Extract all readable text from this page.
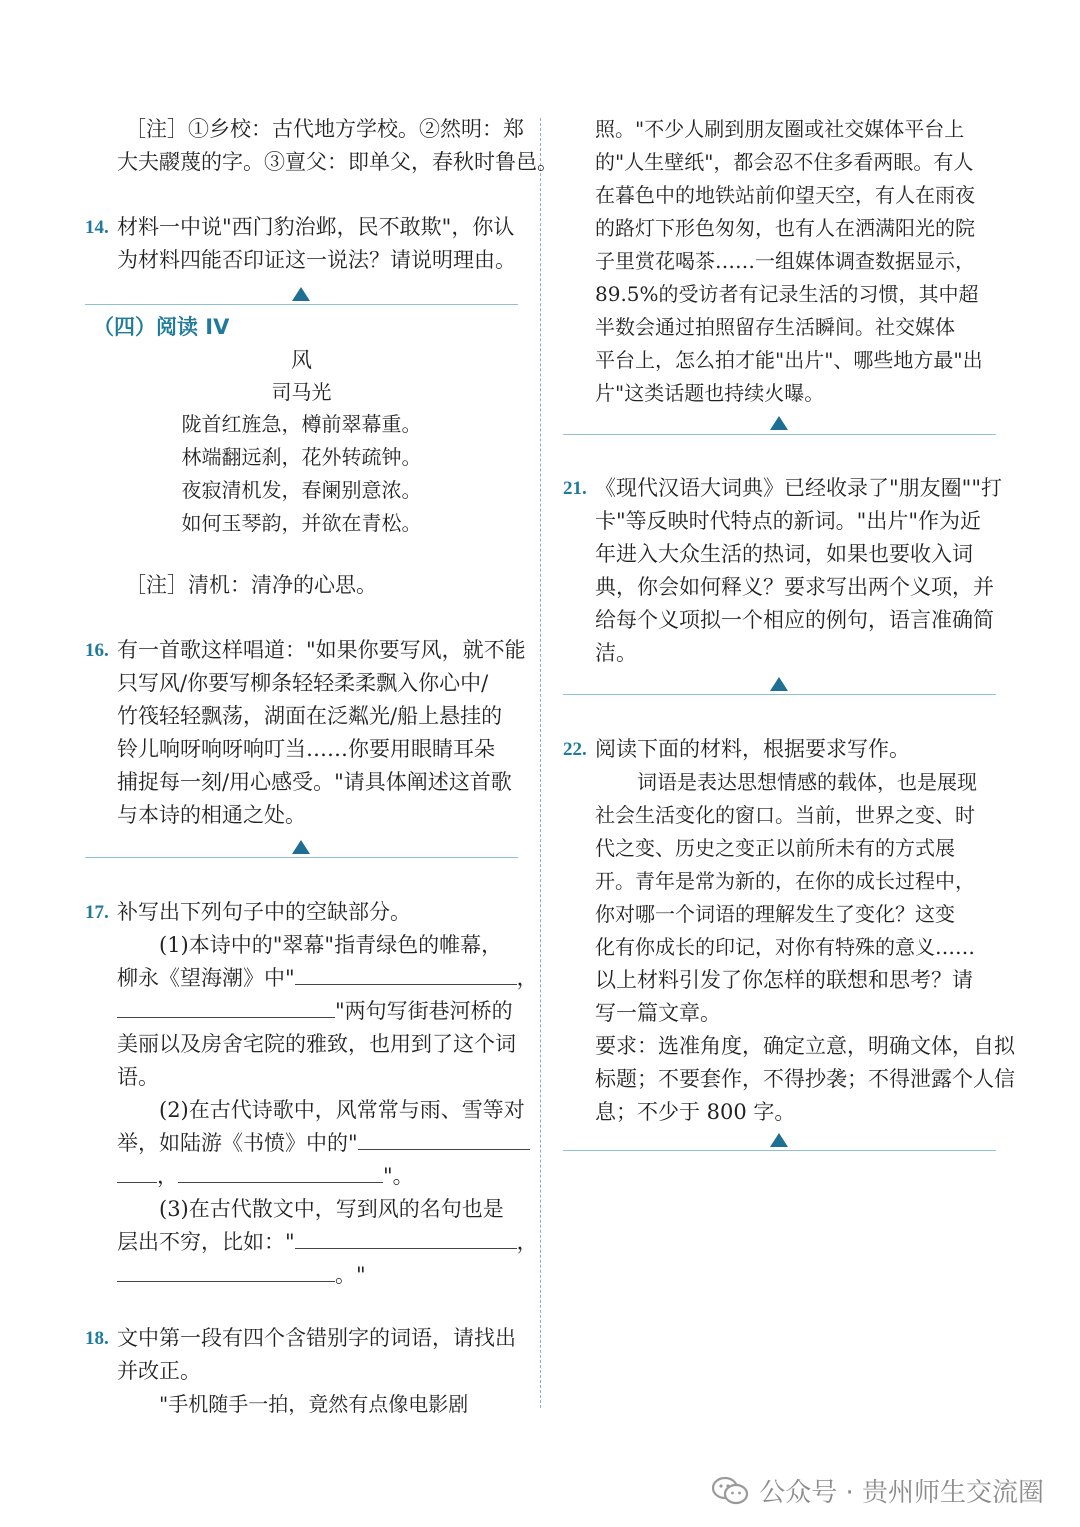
［注］①乡校：古代地方学校。②然明：郑

大夫鬷蔑的字。③亶父：即单父，春秋时鲁邑。

14. 材料一中说"西门豹治邺，民不敢欺"，你认

为材料四能否印证这一说法？请说明理由。

（四）阅读 IV
风
司马光
陇首红旌急，樽前翠幕重。
林端翻远刹，花外转疏钟。
夜寂清机发，春阑别意浓。
如何玉琴韵，并欲在青松。

［注］清机：清净的心思。

16. 有一首歌这样唱道："如果你要写风，就不能

只写风/你要写柳条轻轻柔柔飘入你心中/

竹筏轻轻飘荡，湖面在泛粼光/船上悬挂的

铃儿响呀响呀响叮当……你要用眼睛耳朵

捕捉每一刻/用心感受。"请具体阐述这首歌

与本诗的相通之处。

17. 补写出下列句子中的空缺部分。

(1)本诗中的"翠幕"指青绿色的帷幕，

柳永《望海潮》中"	，

"两句写街巷河桥的

美丽以及房舍宅院的雅致，也用到了这个词

语。

(2)在古代诗歌中，风常常与雨、雪等对

举，如陆游《书愤》中的"

，	"。

(3)在古代散文中，写到风的名句也是

层出不穷，比如："	，

。"

18. 文中第一段有四个含错别字的词语，请找出

并改正。

"手机随手一拍，竟然有点像电影剧

照。"不少人刷到朋友圈或社交媒体平台上

的"人生壁纸"，都会忍不住多看两眼。有人

在暮色中的地铁站前仰望天空，有人在雨夜

的路灯下形色匆匆，也有人在洒满阳光的院

子里赏花喝茶……一组媒体调查数据显示，

89.5%的受访者有记录生活的习惯，其中超

半数会通过拍照留存生活瞬间。社交媒体

平台上，怎么拍才能"出片"、哪些地方最"出

片"这类话题也持续火曝。

21. 《现代汉语大词典》已经收录了"朋友圈""打

卡"等反映时代特点的新词。"出片"作为近

年进入大众生活的热词，如果也要收入词

典，你会如何释义？要求写出两个义项，并

给每个义项拟一个相应的例句，语言准确简

洁。

22. 阅读下面的材料，根据要求写作。

词语是表达思想情感的载体，也是展现

社会生活变化的窗口。当前，世界之变、时

代之变、历史之变正以前所未有的方式展

开。青年是常为新的，在你的成长过程中，

你对哪一个词语的理解发生了变化？这变

化有你成长的印记，对你有特殊的意义……

以上材料引发了你怎样的联想和思考？请

写一篇文章。

要求：选准角度，确定立意，明确文体，自拟

标题；不要套作，不得抄袭；不得泄露个人信

息；不少于 800 字。

公众号 · 贵州师生交流圈
